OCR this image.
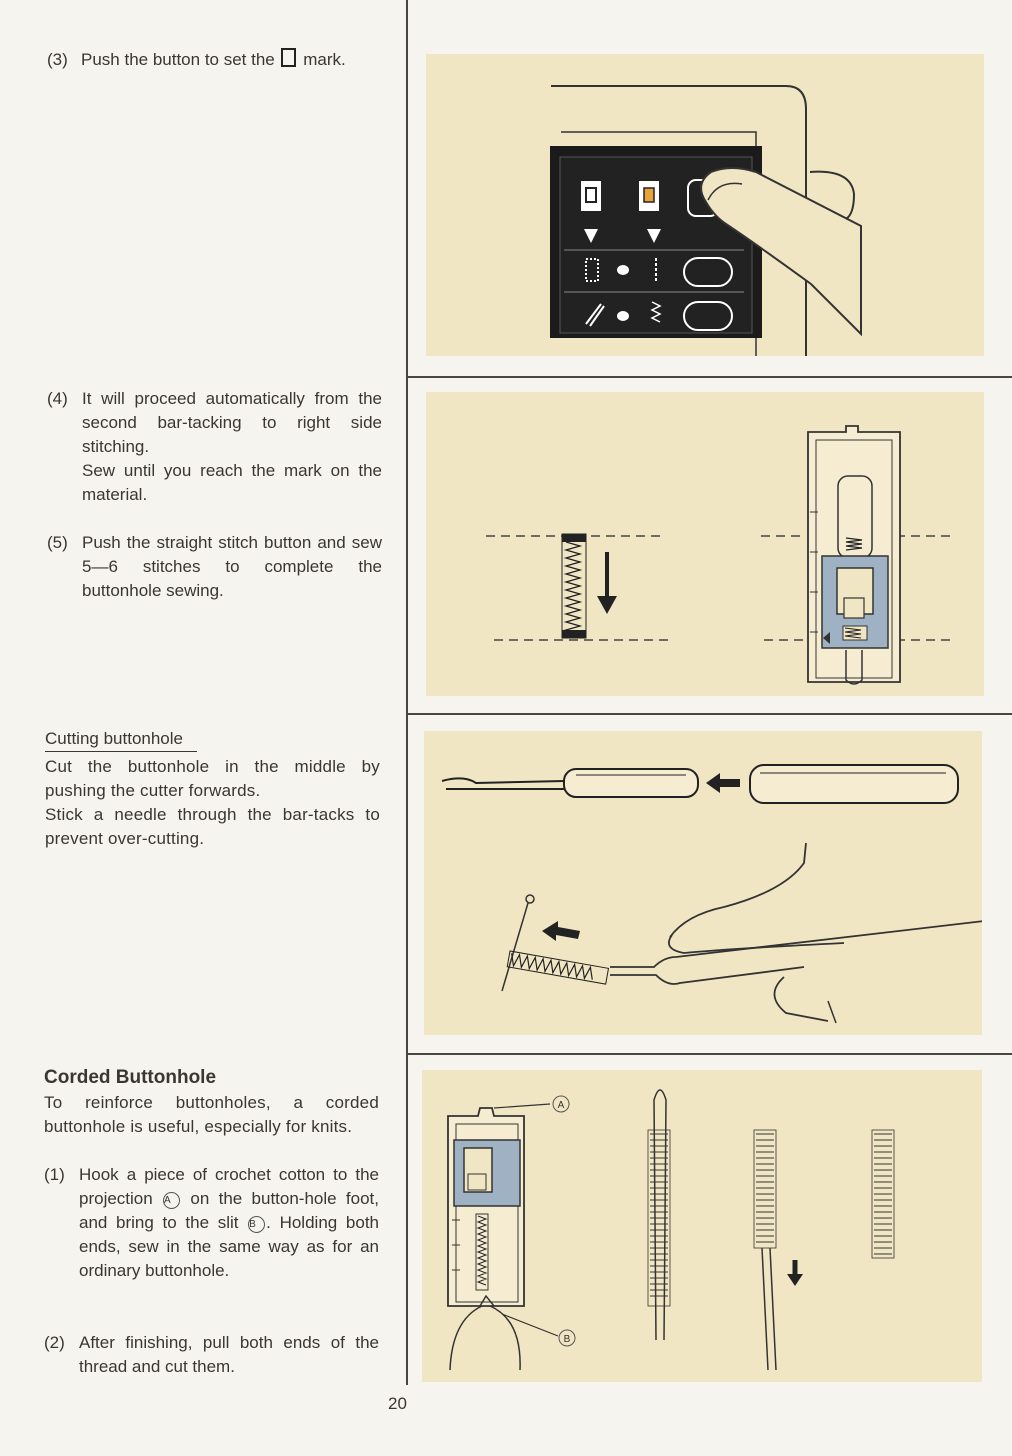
(3) Push the button to set the mark.
(4) It will proceed automatically from the second bar-tacking to right side stitching.
Sew until you reach the mark on the material.
(5) Push the straight stitch button and sew 5—6 stitches to complete the buttonhole sewing.
Cutting buttonhole
Cut the buttonhole in the middle by pushing the cutter forwards.
Stick a needle through the bar-tacks to prevent over-cutting.
Corded Buttonhole
To reinforce buttonholes, a corded buttonhole is useful, especially for knits.
(1) Hook a piece of crochet cotton to the projection A on the button-hole foot, and bring to the slit B . Holding both ends, sew in the same way as for an ordinary buttonhole.
(2) After finishing, pull both ends of the thread and cut them.
20
A
B
